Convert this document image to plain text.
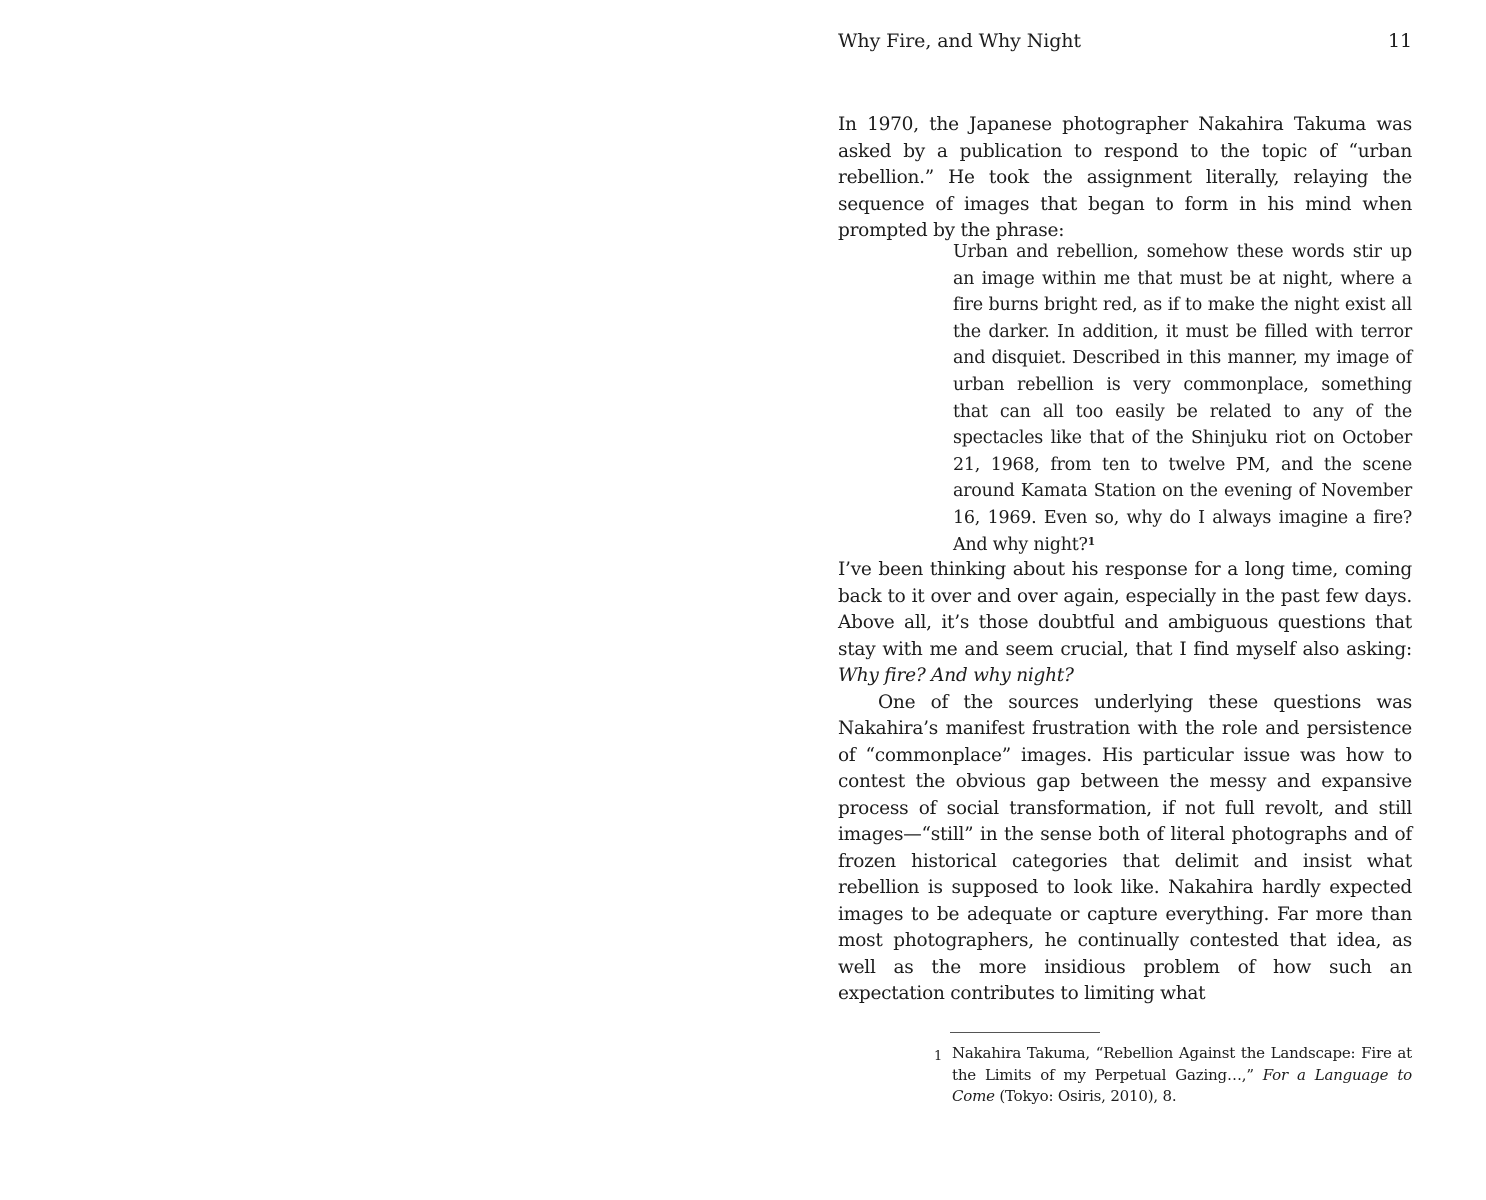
Why Fire, and Why Night	11

In 1970, the Japanese photographer Nakahira Takuma was asked by a publication to respond to the topic of “urban rebellion.” He took the assignment literally, relaying the sequence of images that began to form in his mind when prompted by the phrase:

Urban and rebellion, somehow these words stir up an image within me that must be at night, where a fire burns bright red, as if to make the night exist all the darker. In addition, it must be filled with terror and disquiet. Described in this manner, my image of urban rebellion is very commonplace, something that can all too easily be related to any of the spectacles like that of the Shinjuku riot on October 21, 1968, from ten to twelve PM, and the scene around Kamata Station on the evening of November 16, 1969. Even so, why do I always imagine a fire? And why night?$^1$

I’ve been thinking about his response for a long time, coming back to it over and over again, especially in the past few days. Above all, it’s those doubtful and ambiguous questions that stay with me and seem crucial, that I find myself also asking: Why fire? And why night?

One of the sources underlying these questions was Nakahira’s manifest frustration with the role and persistence of “commonplace” images. His particular issue was how to contest the obvious gap between the messy and expansive process of social transformation, if not full revolt, and still images—“still” in the sense both of literal photographs and of frozen historical categories that delimit and insist what rebellion is supposed to look like. Nakahira hardly expected images to be adequate or capture everything. Far more than most photographers, he continually contested that idea, as well as the more insidious problem of how such an expectation contributes to limiting what

1 Nakahira Takuma, “Rebellion Against the Landscape: Fire at the Limits of my Perpetual Gazing…,” For a Language to Come (Tokyo: Osiris, 2010), 8.
